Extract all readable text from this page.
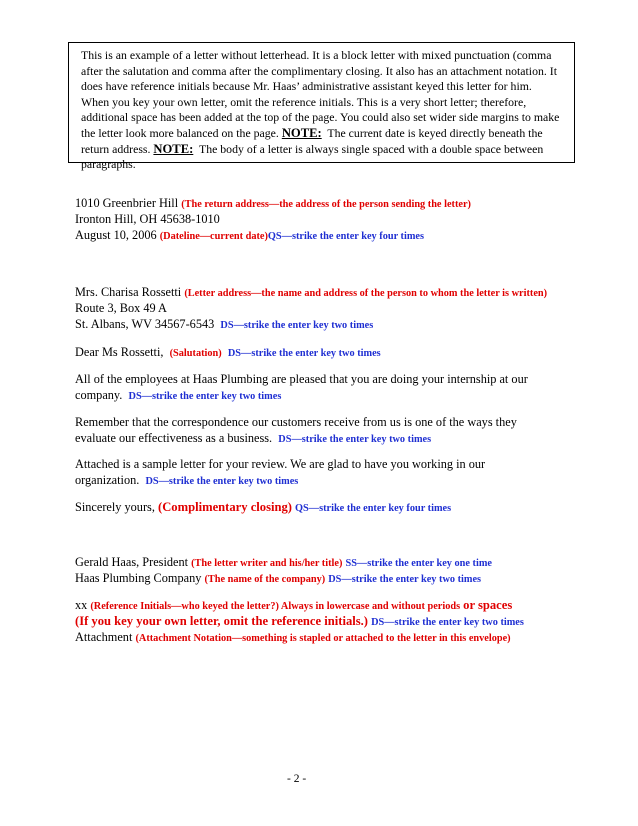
This is an example of a letter without letterhead. It is a block letter with mixed punctuation (comma
after the salutation and comma after the complimentary closing. It also has an attachment notation. It
does have reference initials because Mr. Haas’ administrative assistant keyed this letter for him.
When you key your own letter, omit the reference initials. This is a very short letter; therefore,
additional space has been added at the top of the page. You could also set wider side margins to make
the letter look more balanced on the page. NOTE: The current date is keyed directly beneath the
return address. NOTE: The body of a letter is always single spaced with a double space between
paragraphs.
1010 Greenbrier Hill (The return address—the address of the person sending the letter)
Ironton Hill, OH 45638-1010
August 10, 2006 (Dateline—current date)QS—strike the enter key four times
Mrs. Charisa Rossetti (Letter address—the name and address of the person to whom the letter is written)
Route 3, Box 49 A
St. Albans, WV 34567-6543 DS—strike the enter key two times
Dear Ms Rossetti, (Salutation) DS—strike the enter key two times
All of the employees at Haas Plumbing are pleased that you are doing your internship at our
company. DS—strike the enter key two times
Remember that the correspondence our customers receive from us is one of the ways they
evaluate our effectiveness as a business. DS—strike the enter key two times
Attached is a sample letter for your review. We are glad to have you working in our
organization. DS—strike the enter key two times
Sincerely yours, (Complimentary closing) QS—strike the enter key four times
Gerald Haas, President (The letter writer and his/her title) SS—strike the enter key one time
Haas Plumbing Company (The name of the company) DS—strike the enter key two times
xx (Reference Initials—who keyed the letter?) Always in lowercase and without periods or spaces
(If you key your own letter, omit the reference initials.) DS—strike the enter key two times
Attachment (Attachment Notation—something is stapled or attached to the letter in this envelope)
- 2 -
